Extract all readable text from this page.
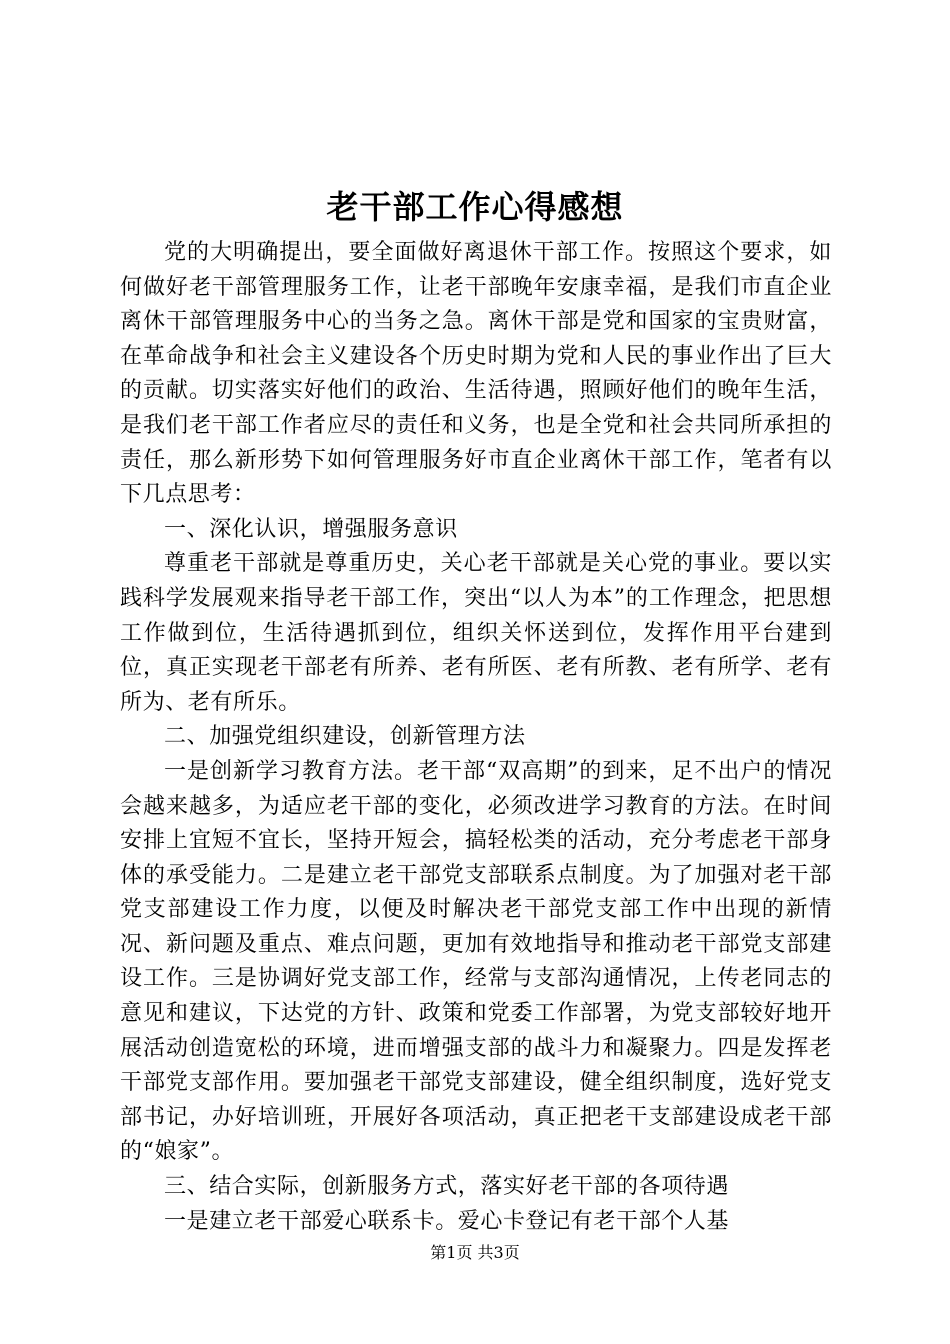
老干部工作心得感想

党的大明确提出，要全面做好离退休干部工作。按照这个要求，如何做好老干部管理服务工作，让老干部晚年安康幸福，是我们市直企业离休干部管理服务中心的当务之急。离休干部是党和国家的宝贵财富，在革命战争和社会主义建设各个历史时期为党和人民的事业作出了巨大的贡献。切实落实好他们的政治、生活待遇，照顾好他们的晚年生活，是我们老干部工作者应尽的责任和义务，也是全党和社会共同所承担的责任，那么新形势下如何管理服务好市直企业离休干部工作，笔者有以下几点思考：

一、深化认识，增强服务意识

尊重老干部就是尊重历史，关心老干部就是关心党的事业。要以实践科学发展观来指导老干部工作，突出“以人为本”的工作理念，把思想工作做到位，生活待遇抓到位，组织关怀送到位，发挥作用平台建到位，真正实现老干部老有所养、老有所医、老有所教、老有所学、老有所为、老有所乐。

二、加强党组织建设，创新管理方法

一是创新学习教育方法。老干部“双高期”的到来，足不出户的情况会越来越多，为适应老干部的变化，必须改进学习教育的方法。在时间安排上宜短不宜长，坚持开短会，搞轻松类的活动，充分考虑老干部身体的承受能力。二是建立老干部党支部联系点制度。为了加强对老干部党支部建设工作力度，以便及时解决老干部党支部工作中出现的新情况、新问题及重点、难点问题，更加有效地指导和推动老干部党支部建设工作。三是协调好党支部工作，经常与支部沟通情况，上传老同志的意见和建议，下达党的方针、政策和党委工作部署，为党支部较好地开展活动创造宽松的环境，进而增强支部的战斗力和凝聚力。四是发挥老干部党支部作用。要加强老干部党支部建设，健全组织制度，选好党支部书记，办好培训班，开展好各项活动，真正把老干支部建设成老干部的“娘家”。

三、结合实际，创新服务方式，落实好老干部的各项待遇

一是建立老干部爱心联系卡。爱心卡登记有老干部个人基

第1页 共3页
